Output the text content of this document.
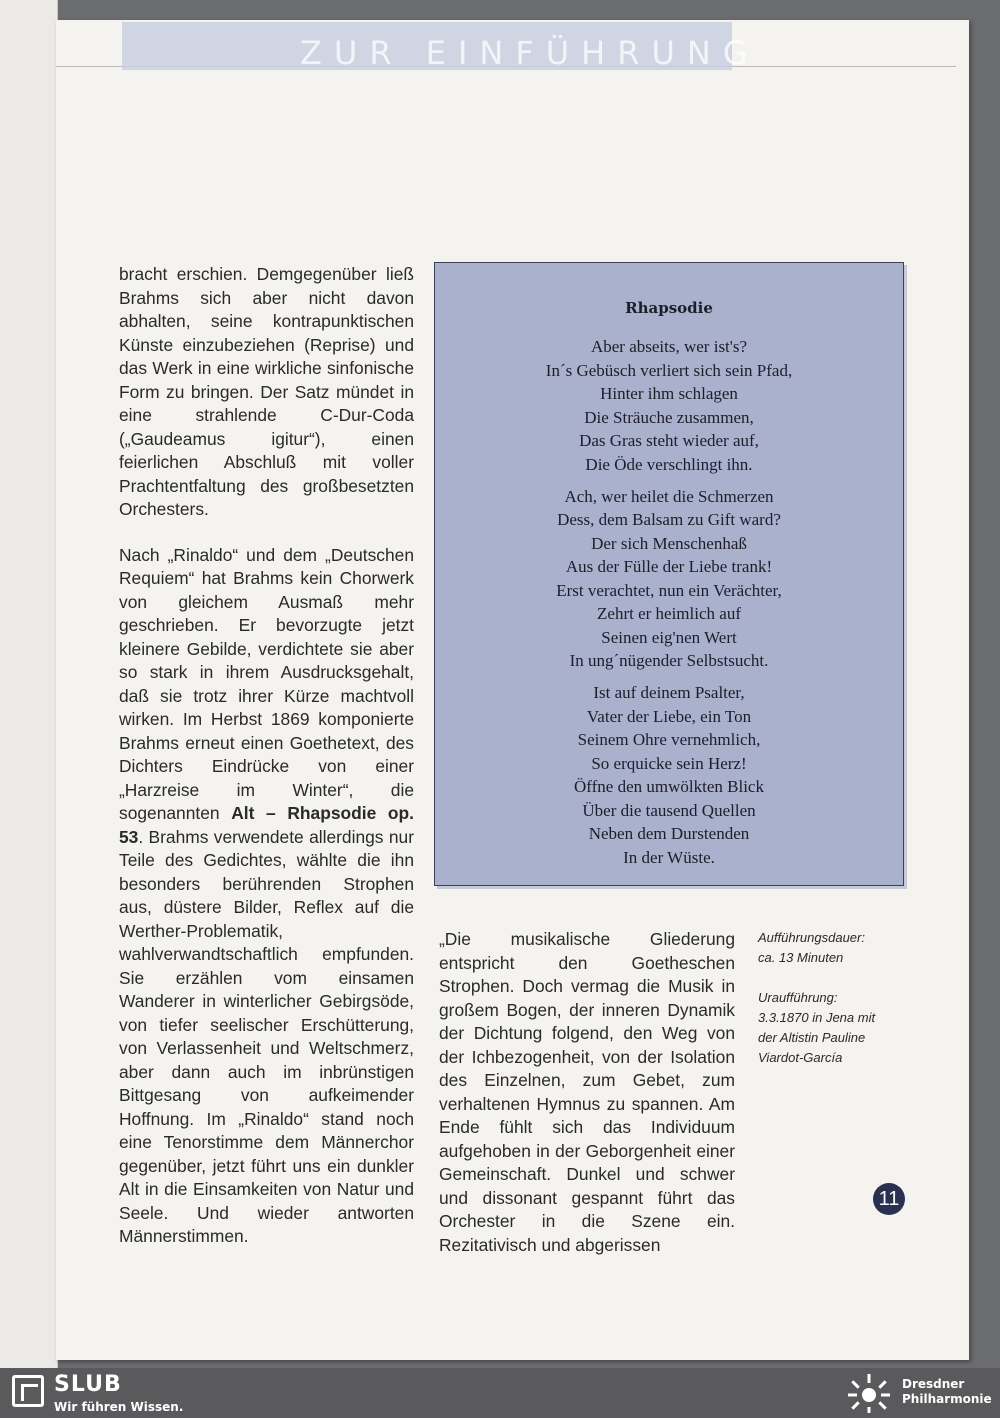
ZUR EINFÜHRUNG

bracht erschien. Demgegenüber ließ Brahms sich aber nicht davon abhalten, seine kontrapunktischen Künste einzubeziehen (Reprise) und das Werk in eine wirkliche sinfonische Form zu bringen. Der Satz mündet in eine strahlende C-Dur-Coda („Gaudeamus igitur“), einen feierlichen Abschluß mit voller Prachtentfaltung des großbesetzten Orchesters.

Nach „Rinaldo“ und dem „Deutschen Requiem“ hat Brahms kein Chorwerk von gleichem Ausmaß mehr geschrieben. Er bevorzugte jetzt kleinere Gebilde, verdichtete sie aber so stark in ihrem Ausdrucksgehalt, daß sie trotz ihrer Kürze machtvoll wirken. Im Herbst 1869 komponierte Brahms erneut einen Goethetext, des Dichters Eindrücke von einer „Harzreise im Winter“, die sogenannten Alt – Rhapsodie op. 53. Brahms verwendete allerdings nur Teile des Gedichtes, wählte die ihn besonders berührenden Strophen aus, düstere Bilder, Reflex auf die Werther-Problematik, wahlverwandtschaftlich empfunden. Sie erzählen vom einsamen Wanderer in winterlicher Gebirgsöde, von tiefer seelischer Erschütterung, von Verlassenheit und Weltschmerz, aber dann auch im inbrünstigen Bittgesang von aufkeimender Hoffnung. Im „Rinaldo“ stand noch eine Tenorstimme dem Männerchor gegenüber, jetzt führt uns ein dunkler Alt in die Einsamkeiten von Natur und Seele. Und wieder antworten Männerstimmen.

Rhapsodie
Aber abseits, wer ist's?
In´s Gebüsch verliert sich sein Pfad,
Hinter ihm schlagen
Die Sträuche zusammen,
Das Gras steht wieder auf,
Die Öde verschlingt ihn.
Ach, wer heilet die Schmerzen
Dess, dem Balsam zu Gift ward?
Der sich Menschenhaß
Aus der Fülle der Liebe trank!
Erst verachtet, nun ein Verächter,
Zehrt er heimlich auf
Seinen eig'nen Wert
In ung´nügender Selbstsucht.
Ist auf deinem Psalter,
Vater der Liebe, ein Ton
Seinem Ohre vernehmlich,
So erquicke sein Herz!
Öffne den umwölkten Blick
Über die tausend Quellen
Neben dem Durstenden
In der Wüste.

„Die musikalische Gliederung entspricht den Goetheschen Strophen. Doch vermag die Musik in großem Bogen, der inneren Dynamik der Dichtung folgend, den Weg von der Ichbezogenheit, von der Isolation des Einzelnen, zum Gebet, zum verhaltenen Hymnus zu spannen. Am Ende fühlt sich das Individuum aufgehoben in der Geborgenheit einer Gemeinschaft. Dunkel und schwer und dissonant gespannt führt das Orchester in die Szene ein. Rezitativisch und abgerissen

Aufführungsdauer:
ca. 13 Minuten
Uraufführung:
3.3.1870 in Jena mit
der Altistin Pauline
Viardot-García
11
SLUB
Wir führen Wissen.
Dresdner
Philharmonie
